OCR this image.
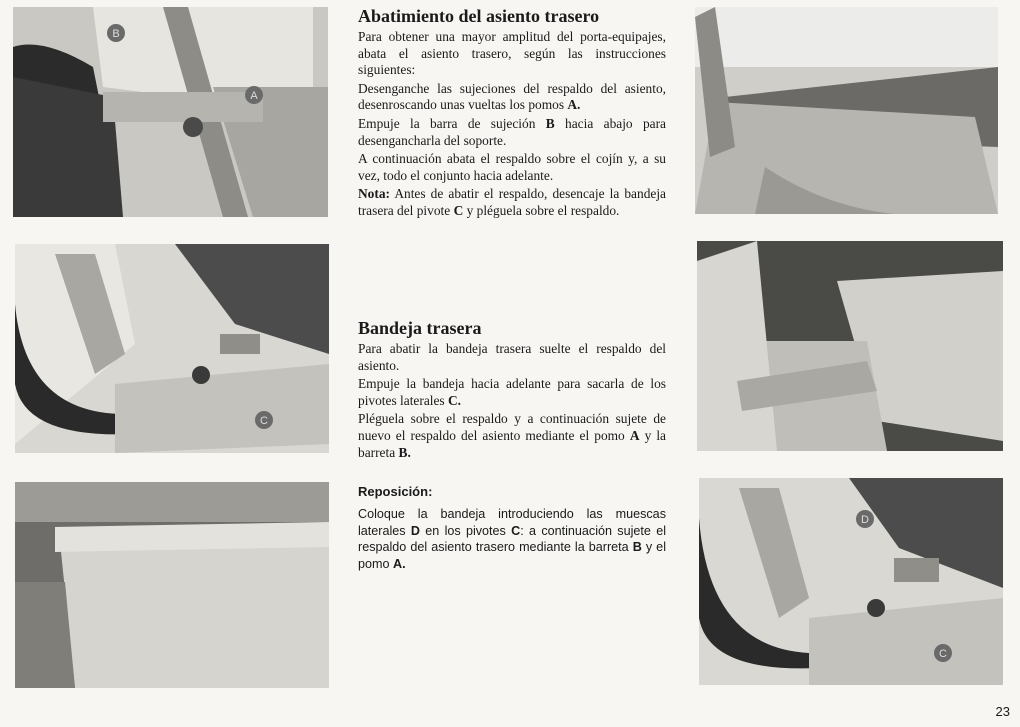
B
A
C
D
C
Abatimiento del asiento trasero

Para obtener una mayor amplitud del porta-equipajes, abata el asiento trasero, según las instrucciones siguientes:

Desenganche las sujeciones del respaldo del asiento, desenroscando unas vueltas los pomos A.

Empuje la barra de sujeción B hacia abajo para desengancharla del soporte.

A continuación abata el respaldo sobre el cojín y, a su vez, todo el conjunto hacia adelante.

Nota: Antes de abatir el respaldo, desencaje la bandeja trasera del pivote C y pléguela sobre el respaldo.

Bandeja trasera

Para abatir la bandeja trasera suelte el respaldo del asiento.

Empuje la bandeja hacia adelante para sacarla de los pivotes laterales C.

Pléguela sobre el respaldo y a continuación sujete de nuevo el respaldo del asiento mediante el pomo A y la barreta B.

Reposición:

Coloque la bandeja introduciendo las muescas laterales D en los pivotes C: a continuación sujete el respaldo del asiento trasero mediante la barreta B y el pomo A.

23
